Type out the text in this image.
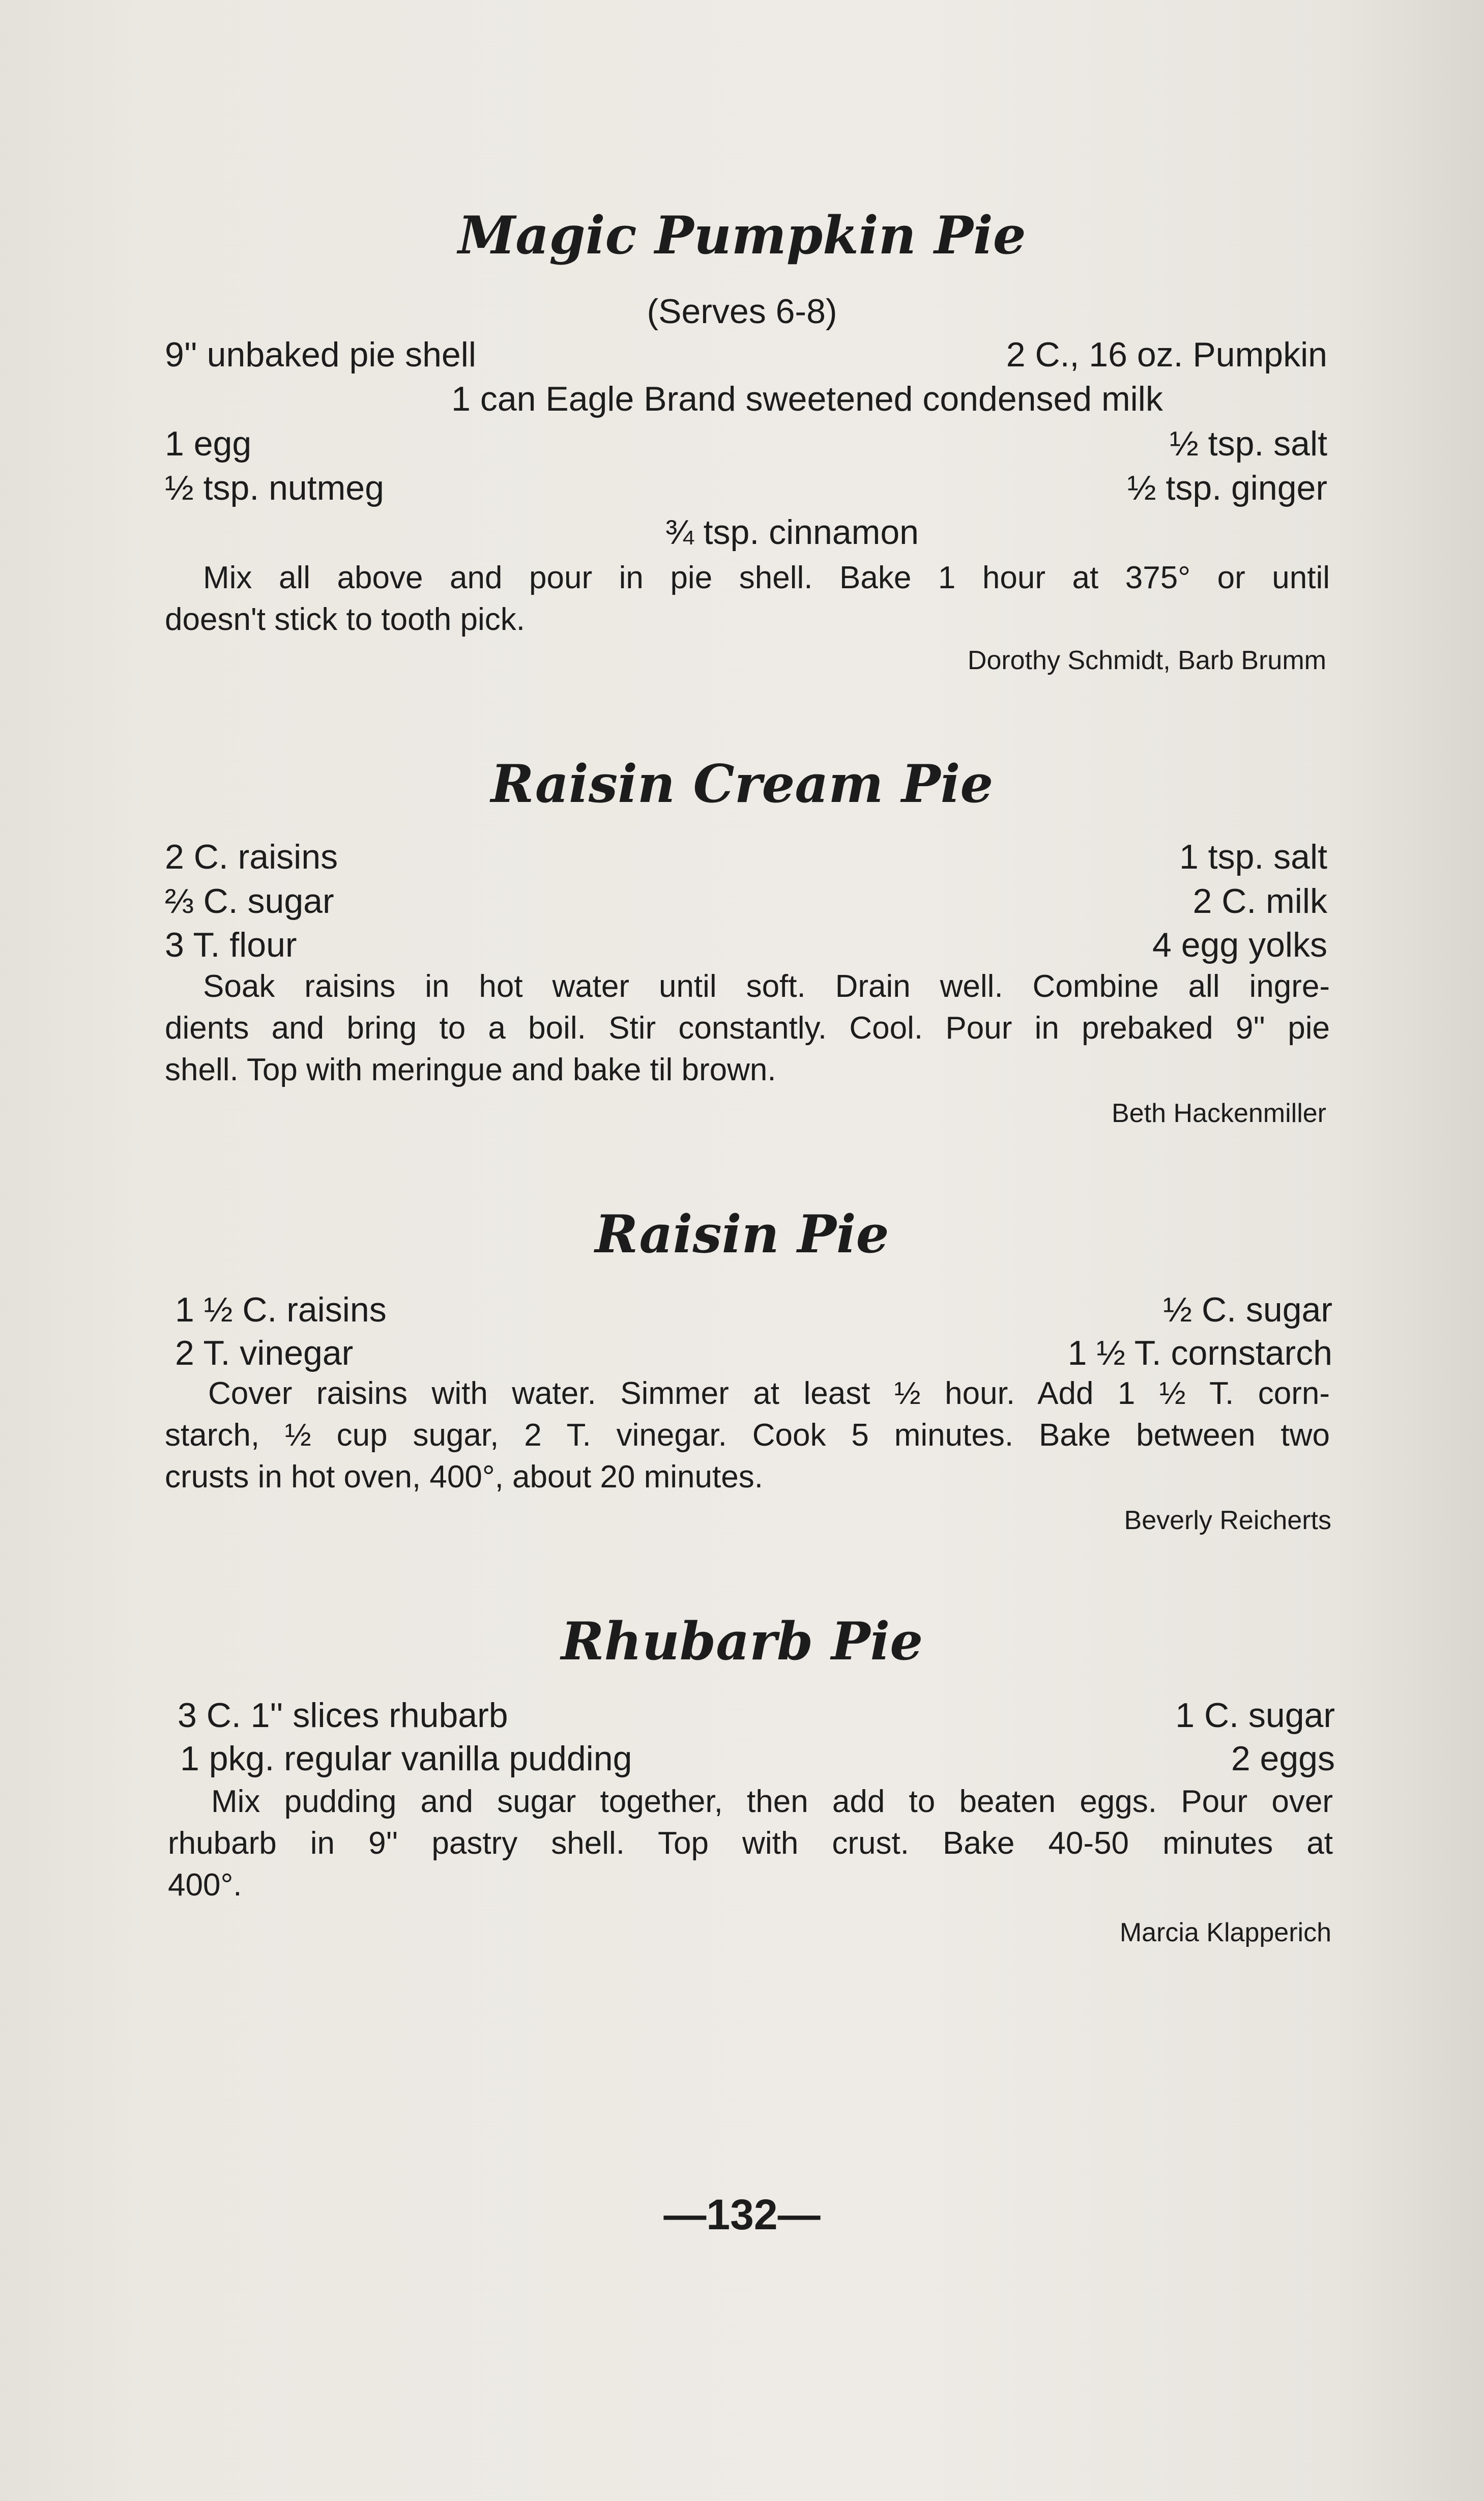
Magic Pumpkin Pie
(Serves 6-8)
9'' unbaked pie shell	2 C., 16 oz. Pumpkin
1 can Eagle Brand sweetened condensed milk
1 egg	½ tsp. salt
½ tsp. nutmeg	½ tsp. ginger
¾ tsp. cinnamon
Mix all above and pour in pie shell. Bake 1 hour at 375° or until
doesn't stick to tooth pick.
Dorothy Schmidt, Barb Brumm
Raisin Cream Pie
2 C. raisins	1 tsp. salt
⅔ C. sugar	2 C. milk
3 T. flour	4 egg yolks
Soak raisins in hot water until soft. Drain well. Combine all ingre-
dients and bring to a boil. Stir constantly. Cool. Pour in prebaked 9'' pie
shell. Top with meringue and bake til brown.
Beth Hackenmiller
Raisin Pie
1 ½ C. raisins	½ C. sugar
2 T. vinegar	1 ½ T. cornstarch
Cover raisins with water. Simmer at least ½ hour. Add 1 ½ T. corn-
starch, ½ cup sugar, 2 T. vinegar. Cook 5 minutes. Bake between two
crusts in hot oven, 400°, about 20 minutes.
Beverly Reicherts
Rhubarb Pie
3 C. 1'' slices rhubarb	1 C. sugar
1 pkg. regular vanilla pudding	2 eggs
Mix pudding and sugar together, then add to beaten eggs. Pour over
rhubarb in 9'' pastry shell. Top with crust. Bake 40-50 minutes at
400°.
Marcia Klapperich
—132—
